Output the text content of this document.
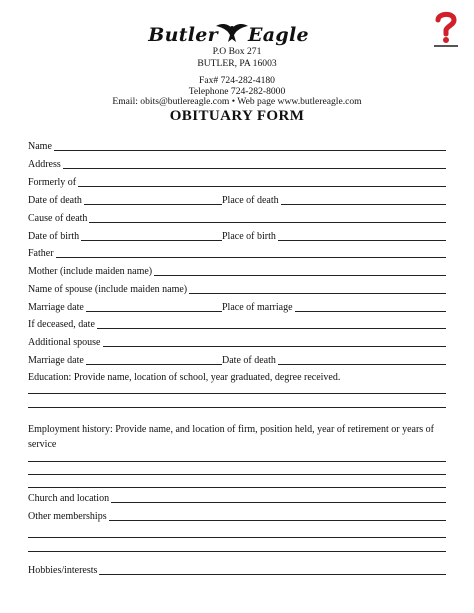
Butler Eagle
P.O Box 271
BUTLER, PA 16003
Fax# 724-282-4180
Telephone 724-282-8000
Email: obits@butlereagle.com • Web page www.butlereagle.com
OBITUARY FORM
Name
Address
Formerly of
Date of death	Place of death
Cause of death
Date of birth	Place of birth
Father
Mother (include maiden name)
Name of spouse (include maiden name)
Marriage date	Place of marriage
If deceased, date
Additional spouse
Marriage date	Date of death
Education: Provide name, location of school, year graduated, degree received.
Employment history: Provide name, and location of firm, position held, year of retirement or years of service
Church and location
Other memberships
Hobbies/interests
